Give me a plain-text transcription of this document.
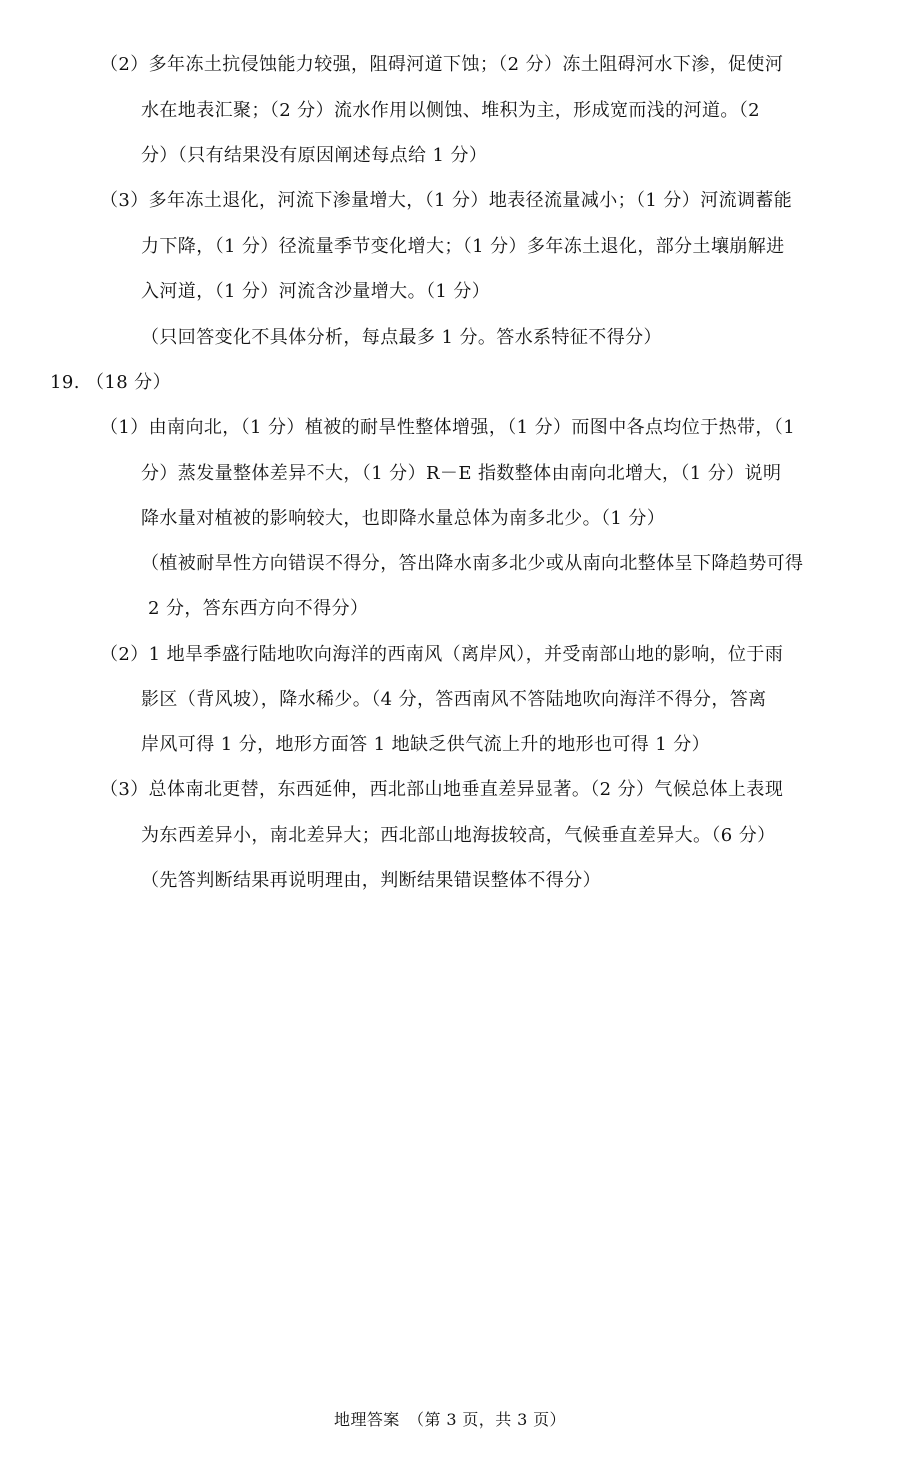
（2）多年冻土抗侵蚀能力较强，阻碍河道下蚀；（2 分）冻土阻碍河水下渗，促使河
水在地表汇聚；（2 分）流水作用以侧蚀、堆积为主，形成宽而浅的河道。（2
分）（只有结果没有原因阐述每点给 1 分）
（3）多年冻土退化，河流下渗量增大，（1 分）地表径流量减小；（1 分）河流调蓄能
力下降，（1 分）径流量季节变化增大；（1 分）多年冻土退化，部分土壤崩解进
入河道，（1 分）河流含沙量增大。（1 分）
（只回答变化不具体分析，每点最多 1 分。答水系特征不得分）
19. （18 分）
（1）由南向北，（1 分）植被的耐旱性整体增强，（1 分）而图中各点均位于热带，（1
分）蒸发量整体差异不大，（1 分）R－E 指数整体由南向北增大，（1 分）说明
降水量对植被的影响较大，也即降水量总体为南多北少。（1 分）
（植被耐旱性方向错误不得分，答出降水南多北少或从南向北整体呈下降趋势可得
2 分，答东西方向不得分）
（2）1 地旱季盛行陆地吹向海洋的西南风（离岸风），并受南部山地的影响，位于雨
影区（背风坡），降水稀少。（4 分，答西南风不答陆地吹向海洋不得分，答离
岸风可得 1 分，地形方面答 1 地缺乏供气流上升的地形也可得 1 分）
（3）总体南北更替，东西延伸，西北部山地垂直差异显著。（2 分）气候总体上表现
为东西差异小，南北差异大；西北部山地海拔较高，气候垂直差异大。（6 分）
（先答判断结果再说明理由，判断结果错误整体不得分）
地理答案　（第 3 页，共 3 页）
